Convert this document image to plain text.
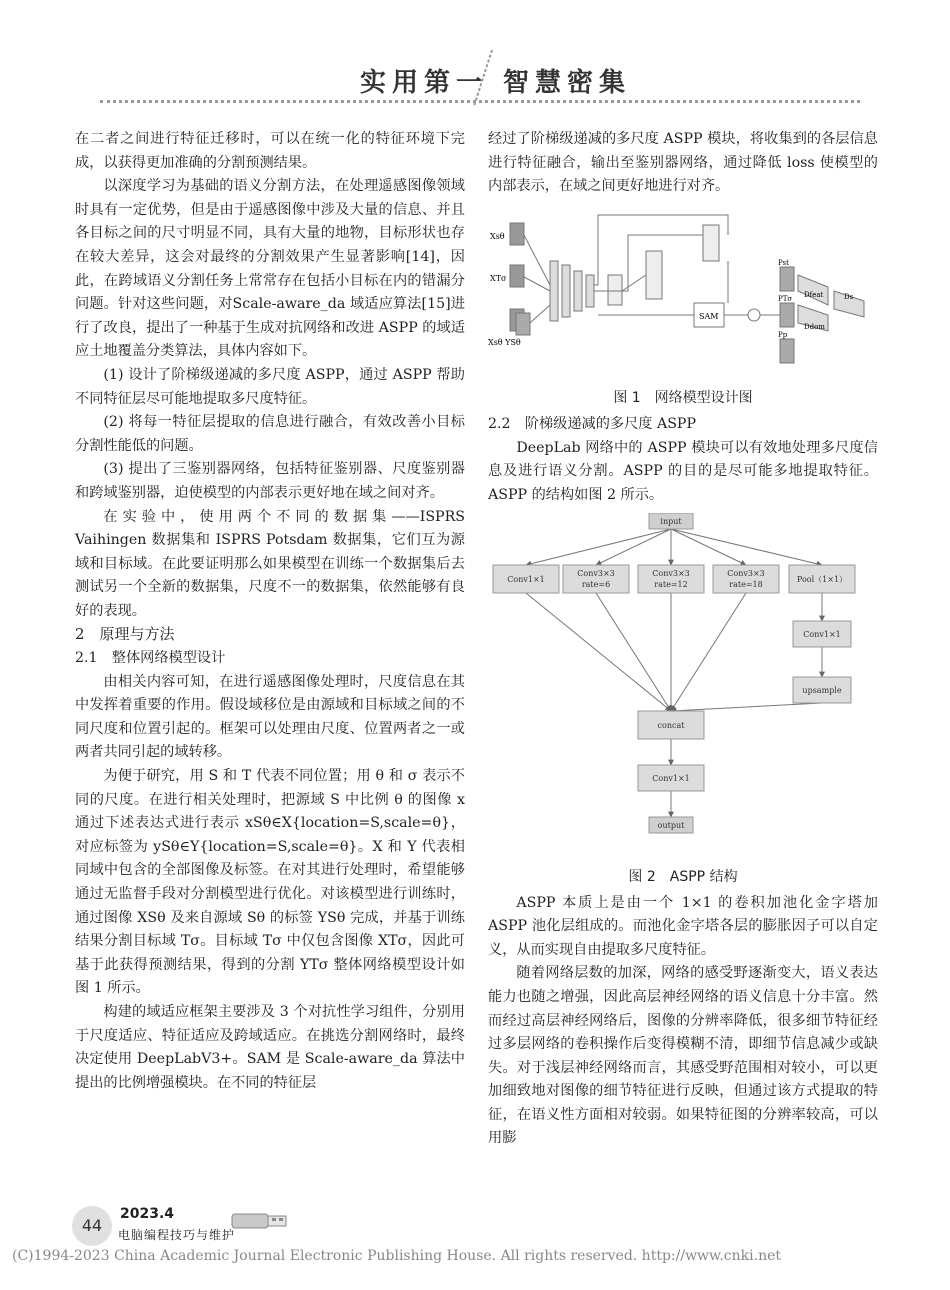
实用第一 智慧密集

在二者之间进行特征迁移时，可以在统一化的特征环境下完成，以获得更加准确的分割预测结果。

以深度学习为基础的语义分割方法，在处理遥感图像领域时具有一定优势，但是由于遥感图像中涉及大量的信息、并且各目标之间的尺寸明显不同，具有大量的地物，目标形状也存在较大差异，这会对最终的分割效果产生显著影响[14]，因此，在跨域语义分割任务上常常存在包括小目标在内的错漏分问题。针对这些问题，对Scale-aware_da 域适应算法[15]进行了改良，提出了一种基于生成对抗网络和改进 ASPP 的域适应土地覆盖分类算法，具体内容如下。

(1) 设计了阶梯级递减的多尺度 ASPP，通过 ASPP 帮助不同特征层尽可能地提取多尺度特征。

(2) 将每一特征层提取的信息进行融合，有效改善小目标分割性能低的问题。

(3) 提出了三鉴别器网络，包括特征鉴别器、尺度鉴别器和跨域鉴别器，迫使模型的内部表示更好地在域之间对齐。

在实验中，使用两个不同的数据集——ISPRS Vaihingen 数据集和 ISPRS Potsdam 数据集，它们互为源域和目标域。在此要证明那么如果模型在训练一个数据集后去测试另一个全新的数据集，尺度不一的数据集，依然能够有良好的表现。

2　原理与方法

2.1　整体网络模型设计

由相关内容可知，在进行遥感图像处理时，尺度信息在其中发挥着重要的作用。假设域移位是由源域和目标域之间的不同尺度和位置引起的。框架可以处理由尺度、位置两者之一或两者共同引起的域转移。

为便于研究，用 S 和 T 代表不同位置；用 θ 和 σ 表示不同的尺度。在进行相关处理时，把源域 S 中比例 θ 的图像 x 通过下述表达式进行表示 xSθ∈X{location=S,scale=θ}，对应标签为 ySθ∈Y{location=S,scale=θ}。X 和 Y 代表相同域中包含的全部图像及标签。在对其进行处理时，希望能够通过无监督手段对分割模型进行优化。对该模型进行训练时，通过图像 XSθ 及来自源域 Sθ 的标签 YSθ 完成，并基于训练结果分割目标域 Tσ。目标域 Tσ 中仅包含图像 XTσ，因此可基于此获得预测结果，得到的分割 YTσ 整体网络模型设计如图 1 所示。

构建的域适应框架主要涉及 3 个对抗性学习组件，分别用于尺度适应、特征适应及跨域适应。在挑选分割网络时，最终决定使用 DeepLabV3+。SAM 是 Scale-aware_da 算法中提出的比例增强模块。在不同的特征层

经过了阶梯级递减的多尺度 ASPP 模块，将收集到的各层信息进行特征融合，输出至鉴别器网络，通过降低 loss 使模型的内部表示，在域之间更好地进行对齐。

Xsθ
XTσ
Xsθ YSθ
SAM
Pst
PTσ
Pp
Dfeat
Ddom
Ds
图 1　网络模型设计图

2.2　阶梯级递减的多尺度 ASPP

DeepLab 网络中的 ASPP 模块可以有效地处理多尺度信息及进行语义分割。ASPP 的目的是尽可能多地提取特征。ASPP 的结构如图 2 所示。

input
Conv1×1
Conv3×3
rate=6
Conv3×3
rate=12
Conv3×3
rate=18
Pool（1×1）
Conv1×1
upsample
concat
Conv1×1
output
图 2　ASPP 结构

ASPP 本质上是由一个 1×1 的卷积加池化金字塔加 ASPP 池化层组成的。而池化金字塔各层的膨胀因子可以自定义，从而实现自由提取多尺度特征。

随着网络层数的加深，网络的感受野逐渐变大，语义表达能力也随之增强，因此高层神经网络的语义信息十分丰富。然而经过高层神经网络后，图像的分辨率降低，很多细节特征经过多层网络的卷积操作后变得模糊不清，即细节信息减少或缺失。对于浅层神经网络而言，其感受野范围相对较小，可以更加细致地对图像的细节特征进行反映，但通过该方式提取的特征，在语义性方面相对较弱。如果特征图的分辨率较高，可以用膨

44
2023.4
电脑编程技巧与维护
(C)1994-2023 China Academic Journal Electronic Publishing House. All rights reserved. http://www.cnki.net
